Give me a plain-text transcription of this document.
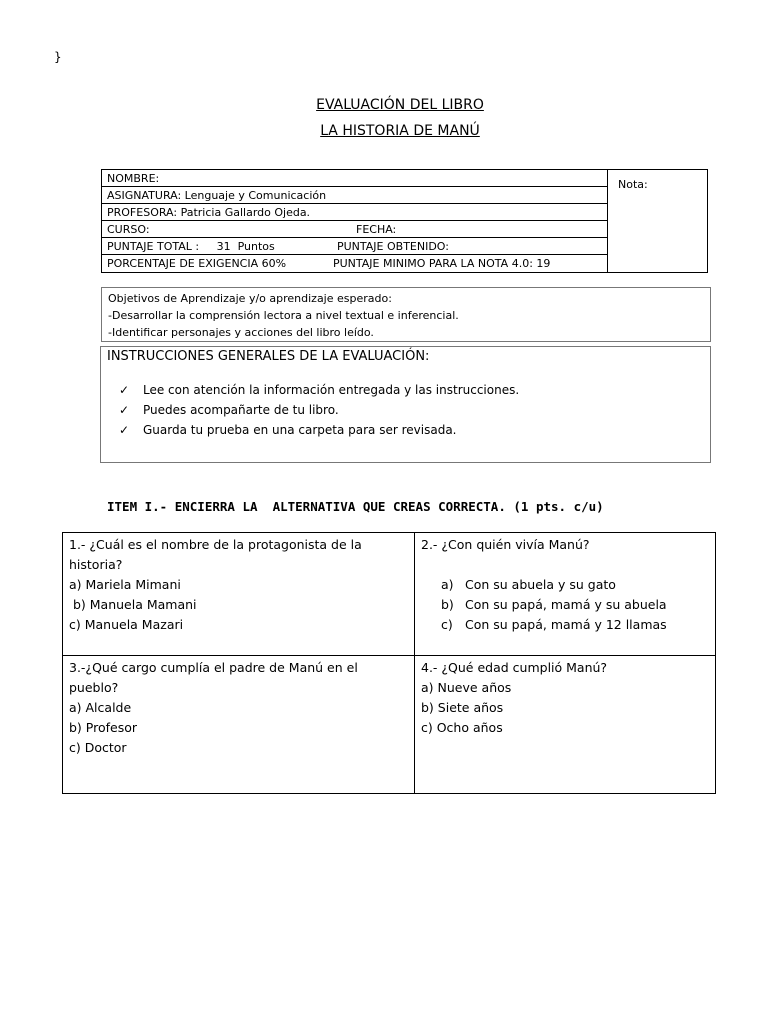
}
EVALUACIÓN DEL LIBRO
LA HISTORIA DE MANÚ
NOMBRE:
ASIGNATURA: Lenguaje y Comunicación
PROFESORA: Patricia Gallardo Ojeda.
CURSO:	FECHA:
PUNTAJE TOTAL :     31  Puntos	PUNTAJE OBTENIDO:
PORCENTAJE DE EXIGENCIA 60%	PUNTAJE MINIMO PARA LA NOTA 4.0: 19
Nota:
Objetivos de Aprendizaje y/o aprendizaje esperado:
-Desarrollar la comprensión lectora a nivel textual e inferencial.
-Identificar personajes y acciones del libro leído.
INSTRUCCIONES GENERALES DE LA EVALUACIÓN:
✓ Lee con atención la información entregada y las instrucciones.
✓ Puedes acompañarte de tu libro.
✓ Guarda tu prueba en una carpeta para ser revisada.
ITEM I.- ENCIERRA LA  ALTERNATIVA QUE CREAS CORRECTA. (1 pts. c/u)
1.- ¿Cuál es el nombre de la protagonista de la historia?
a) Mariela Mimani
b) Manuela Mamani
c) Manuela Mazari
2.- ¿Con quién vivía Manú?
a) Con su abuela y su gato
b) Con su papá, mamá y su abuela
c) Con su papá, mamá y 12 llamas
3.-¿Qué cargo cumplía el padre de Manú en el pueblo?
a) Alcalde
b) Profesor
c) Doctor
4.- ¿Qué edad cumplió Manú?
a) Nueve años
b) Siete años
c) Ocho años
